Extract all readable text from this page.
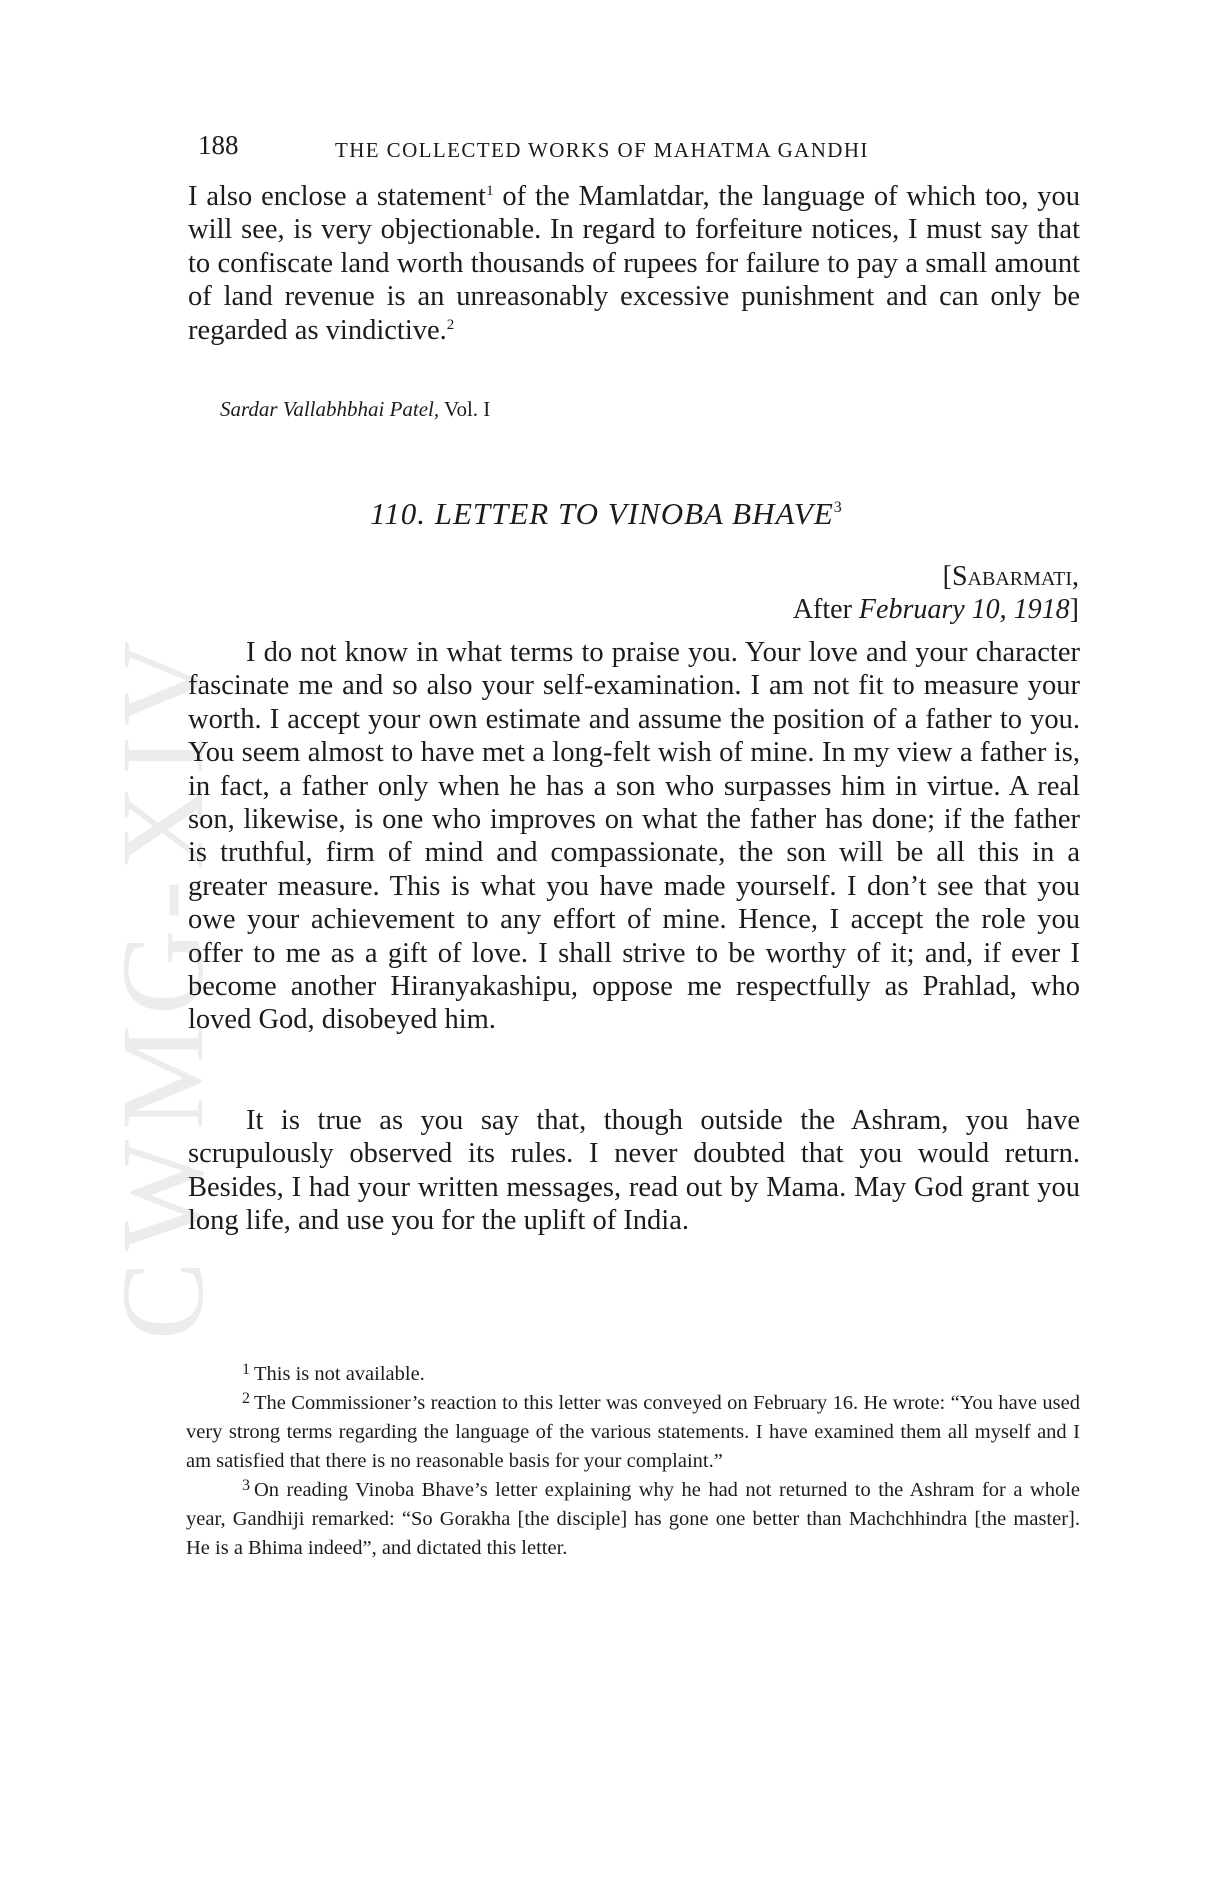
CWMG-XIV
188	THE COLLECTED WORKS OF MAHATMA GANDHI

I also enclose a statement$^1$ of the Mamlatdar, the language of which too, you will see, is very objectionable. In regard to forfeiture notices, I must say that to confiscate land worth thousands of rupees for failure to pay a small amount of land revenue is an unreasonably excessive punishment and can only be regarded as vindictive.$^2$

Sardar Vallabhbhai Patel, Vol. I
110. LETTER TO VINOBA BHAVE$^3$
[Sabarmati,
After February 10, 1918]

I do not know in what terms to praise you. Your love and your character fascinate me and so also your self-examination. I am not fit to measure your worth. I accept your own estimate and assume the position of a father to you. You seem almost to have met a long-felt wish of mine. In my view a father is, in fact, a father only when he has a son who surpasses him in virtue. A real son, likewise, is one who improves on what the father has done; if the father is truthful, firm of mind and compassionate, the son will be all this in a greater measure. This is what you have made yourself. I don’t see that you owe your achievement to any effort of mine. Hence, I accept the role you offer to me as a gift of love. I shall strive to be worthy of it; and, if ever I become another Hiranyakashipu, oppose me respectfully as Prahlad, who loved God, disobeyed him.

It is true as you say that, though outside the Ashram, you have scrupulously observed its rules. I never doubted that you would return. Besides, I had your written messages, read out by Mama. May God grant you long life, and use you for the uplift of India.

$^1$ This is not available.

$^2$ The Commissioner’s reaction to this letter was conveyed on February 16. He wrote: “You have used very strong terms regarding the language of the various statements. I have examined them all myself and I am satisfied that there is no reasonable basis for your complaint.”

$^3$ On reading Vinoba Bhave’s letter explaining why he had not returned to the Ashram for a whole year, Gandhiji remarked: “So Gorakha [the disciple] has gone one better than Machchhindra [the master]. He is a Bhima indeed”, and dictated this letter.
